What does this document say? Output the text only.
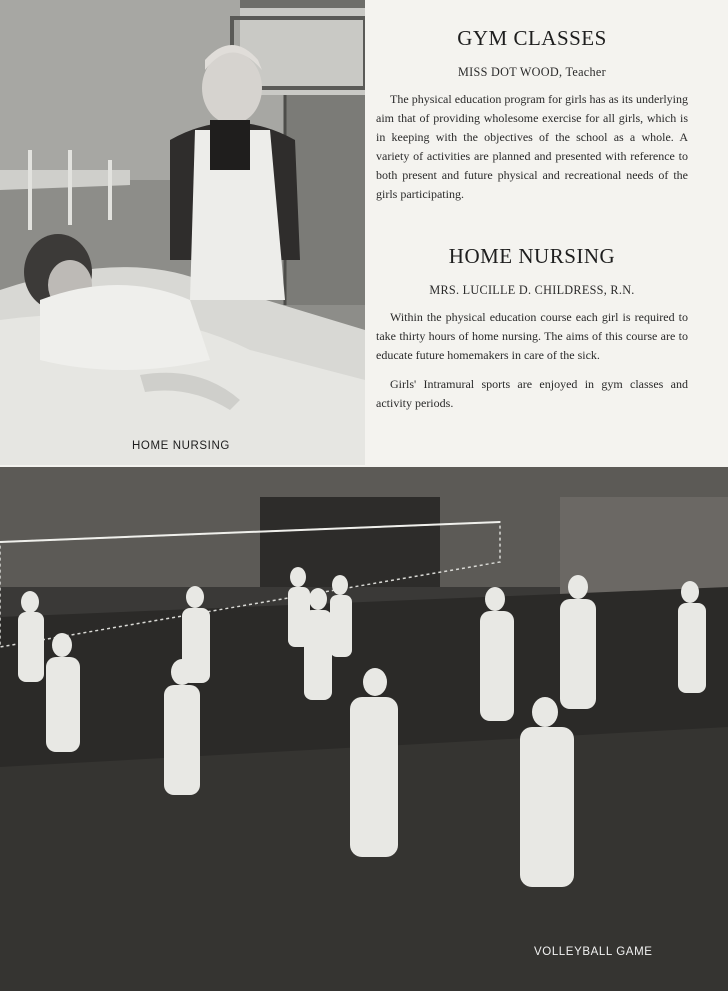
HOME NURSING
GYM CLASSES
MISS DOT WOOD, Teacher

The physical education program for girls has as its underlying aim that of providing wholesome exercise for all girls, which is in keeping with the objectives of the school as a whole. A variety of activities are planned and presented with reference to both present and future physical and recreational needs of the girls participating.

HOME NURSING
MRS. LUCILLE D. CHILDRESS, R.N.

Within the physical education course each girl is required to take thirty hours of home nursing. The aims of this course are to educate future homemakers in care of the sick.

Girls' Intramural sports are enjoyed in gym classes and activity periods.

VOLLEYBALL GAME
